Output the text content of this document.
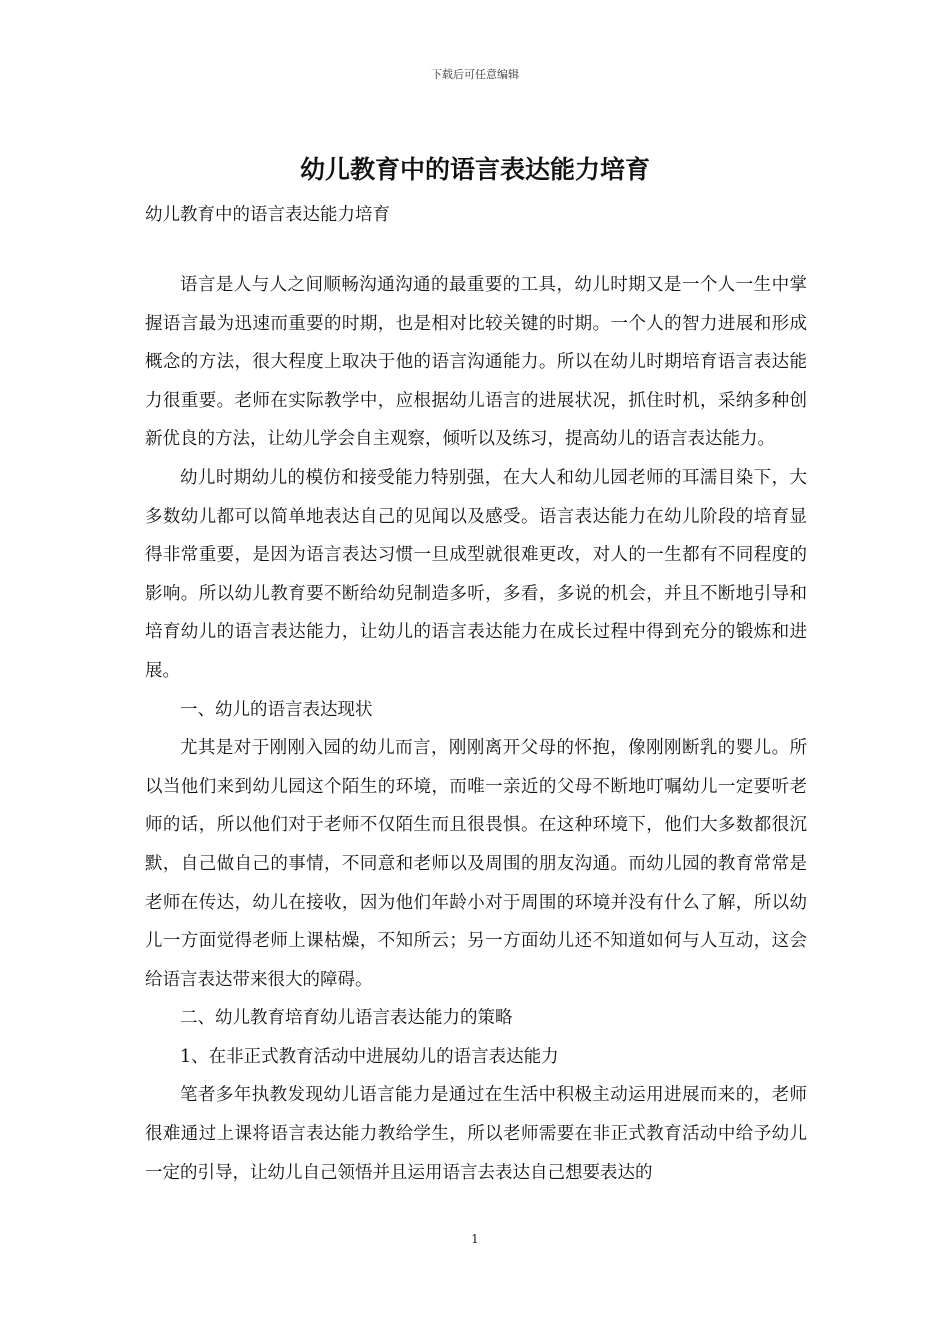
下载后可任意编辑
幼儿教育中的语言表达能力培育

幼儿教育中的语言表达能力培育

语言是人与人之间顺畅沟通沟通的最重要的工具，幼儿时期又是一个人一生中掌握语言最为迅速而重要的时期，也是相对比较关键的时期。一个人的智力进展和形成概念的方法，很大程度上取决于他的语言沟通能力。所以在幼儿时期培育语言表达能力很重要。老师在实际教学中，应根据幼儿语言的进展状况，抓住时机，采纳多种创新优良的方法，让幼儿学会自主观察，倾听以及练习，提高幼儿的语言表达能力。

幼儿时期幼儿的模仿和接受能力特别强，在大人和幼儿园老师的耳濡目染下，大多数幼儿都可以简单地表达自己的见闻以及感受。语言表达能力在幼儿阶段的培育显得非常重要，是因为语言表达习惯一旦成型就很难更改，对人的一生都有不同程度的影响。所以幼儿教育要不断给幼兒制造多听，多看，多说的机会，并且不断地引导和培育幼儿的语言表达能力，让幼儿的语言表达能力在成长过程中得到充分的锻炼和进展。

一、幼儿的语言表达现状

尤其是对于刚刚入园的幼儿而言，刚刚离开父母的怀抱，像刚刚断乳的婴儿。所以当他们来到幼儿园这个陌生的环境，而唯一亲近的父母不断地叮嘱幼儿一定要听老师的话，所以他们对于老师不仅陌生而且很畏惧。在这种环境下，他们大多数都很沉默，自己做自己的事情，不同意和老师以及周围的朋友沟通。而幼儿园的教育常常是老师在传达，幼儿在接收，因为他们年龄小对于周围的环境并没有什么了解，所以幼儿一方面觉得老师上课枯燥，不知所云；另一方面幼儿还不知道如何与人互动，这会给语言表达带来很大的障碍。

二、幼儿教育培育幼儿语言表达能力的策略

1、在非正式教育活动中进展幼儿的语言表达能力

笔者多年执教发现幼儿语言能力是通过在生活中积极主动运用进展而来的，老师很难通过上课将语言表达能力教给学生，所以老师需要在非正式教育活动中给予幼儿一定的引导，让幼儿自己领悟并且运用语言去表达自己想要表达的

1
